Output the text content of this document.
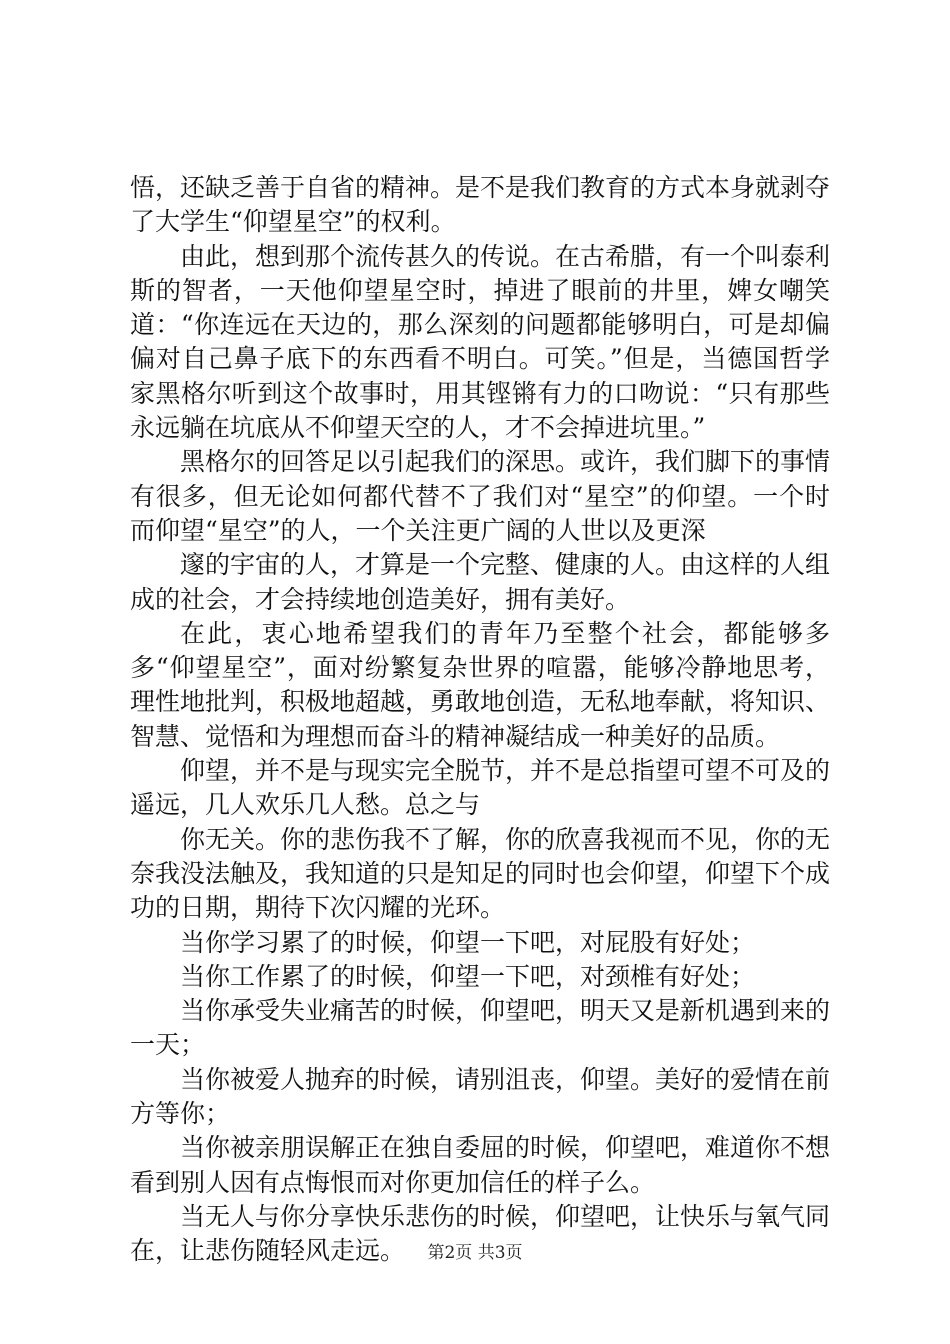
悟，还缺乏善于自省的精神。是不是我们教育的方式本身就剥夺了大学生“仰望星空”的权利。

由此，想到那个流传甚久的传说。在古希腊，有一个叫泰利斯的智者，一天他仰望星空时，掉进了眼前的井里，婢女嘲笑道：“你连远在天边的，那么深刻的问题都能够明白，可是却偏偏对自己鼻子底下的东西看不明白。可笑。”但是，当德国哲学家黑格尔听到这个故事时，用其铿锵有力的口吻说：“只有那些永远躺在坑底从不仰望天空的人，才不会掉进坑里。”

黑格尔的回答足以引起我们的深思。或许，我们脚下的事情有很多，但无论如何都代替不了我们对“星空”的仰望。一个时而仰望“星空”的人，一个关注更广阔的人世以及更深

邃的宇宙的人，才算是一个完整、健康的人。由这样的人组成的社会，才会持续地创造美好，拥有美好。

在此，衷心地希望我们的青年乃至整个社会，都能够多多“仰望星空”，面对纷繁复杂世界的喧嚣，能够冷静地思考，理性地批判，积极地超越，勇敢地创造，无私地奉献，将知识、智慧、觉悟和为理想而奋斗的精神凝结成一种美好的品质。

仰望，并不是与现实完全脱节，并不是总指望可望不可及的遥远，几人欢乐几人愁。总之与

你无关。你的悲伤我不了解，你的欣喜我视而不见，你的无奈我没法触及，我知道的只是知足的同时也会仰望，仰望下个成功的日期，期待下次闪耀的光环。

当你学习累了的时候，仰望一下吧，对屁股有好处；

当你工作累了的时候，仰望一下吧，对颈椎有好处；

当你承受失业痛苦的时候，仰望吧，明天又是新机遇到来的一天；

当你被爱人抛弃的时候，请别沮丧，仰望。美好的爱情在前方等你；

当你被亲朋误解正在独自委屈的时候，仰望吧，难道你不想看到别人因有点悔恨而对你更加信任的样子么。

当无人与你分享快乐悲伤的时候，仰望吧，让快乐与氧气同在，让悲伤随轻风走远。	第2页 共3页
